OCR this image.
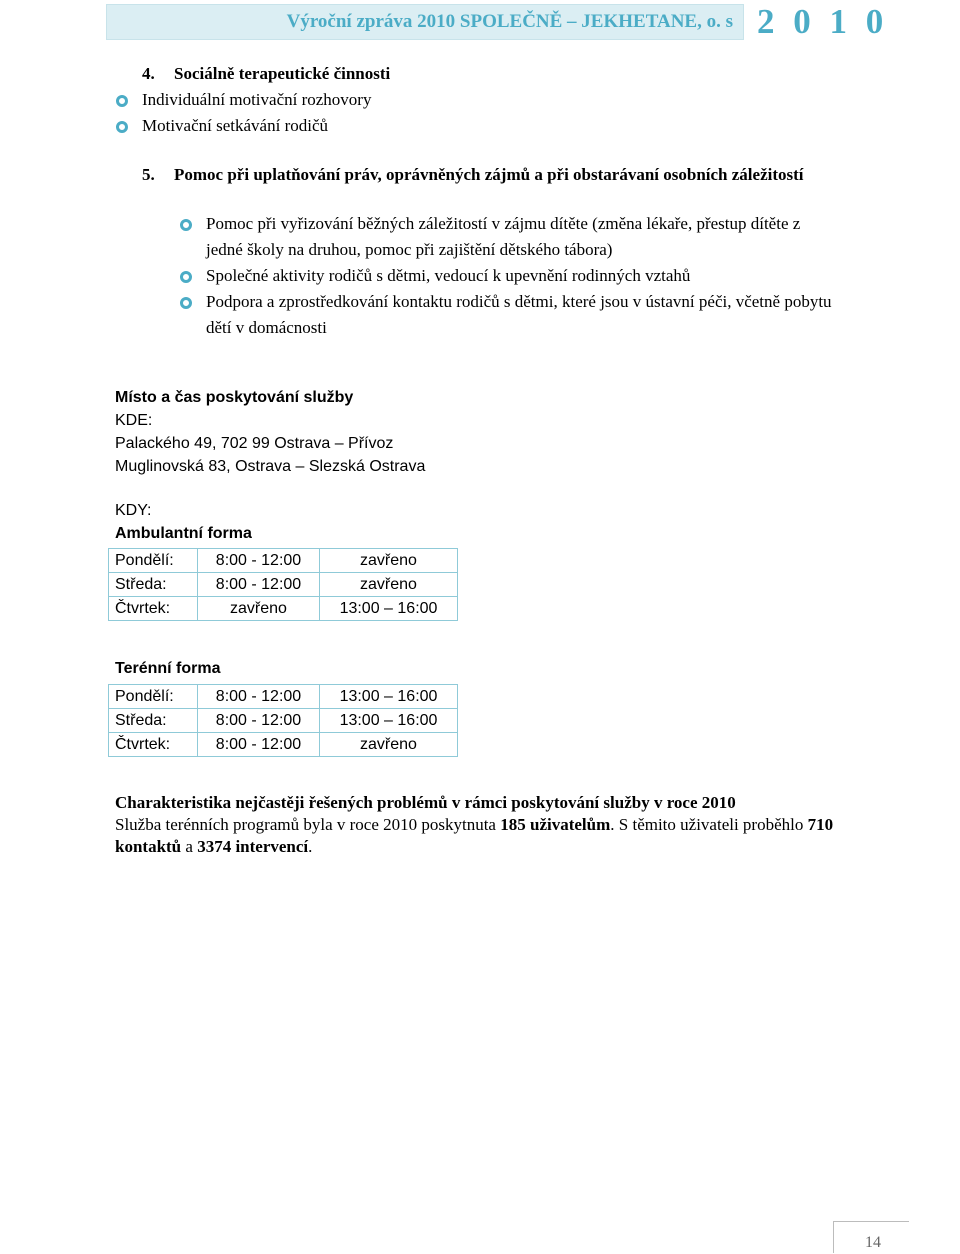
Výroční zpráva 2010 SPOLEČNĚ – JEKHETANE, o. s 2 0 1 0
4.	Sociálně terapeutické činnosti
Individuální motivační rozhovory
Motivační setkávání rodičů
5. Pomoc při uplatňování práv, oprávněných zájmů a při obstarávaní osobních záležitostí
Pomoc při vyřizování běžných záležitostí v zájmu dítěte (změna lékaře, přestup dítěte z jedné školy na druhou, pomoc při zajištění dětského tábora)
Společné aktivity rodičů s dětmi, vedoucí k upevnění rodinných vztahů
Podpora a zprostředkování kontaktu rodičů s dětmi, které jsou v ústavní péči, včetně pobytu dětí v domácnosti
Místo a čas poskytování služby
KDE:
Palackého 49, 702 99 Ostrava – Přívoz
Muglinovská 83, Ostrava – Slezská Ostrava
KDY:
Ambulantní forma
Pondělí:	8:00 - 12:00	zavřeno
Středa:	8:00 - 12:00	zavřeno
Čtvrtek:	zavřeno	13:00 – 16:00
Terénní forma
Pondělí:	8:00 - 12:00	13:00 – 16:00
Středa:	8:00 - 12:00	13:00 – 16:00
Čtvrtek:	8:00 - 12:00	zavřeno
Charakteristika nejčastěji řešených problémů v rámci poskytování služby v roce 2010
Služba terénních programů byla v roce 2010 poskytnuta 185 uživatelům. S těmito uživateli proběhlo 710 kontaktů a 3374 intervencí.
14
